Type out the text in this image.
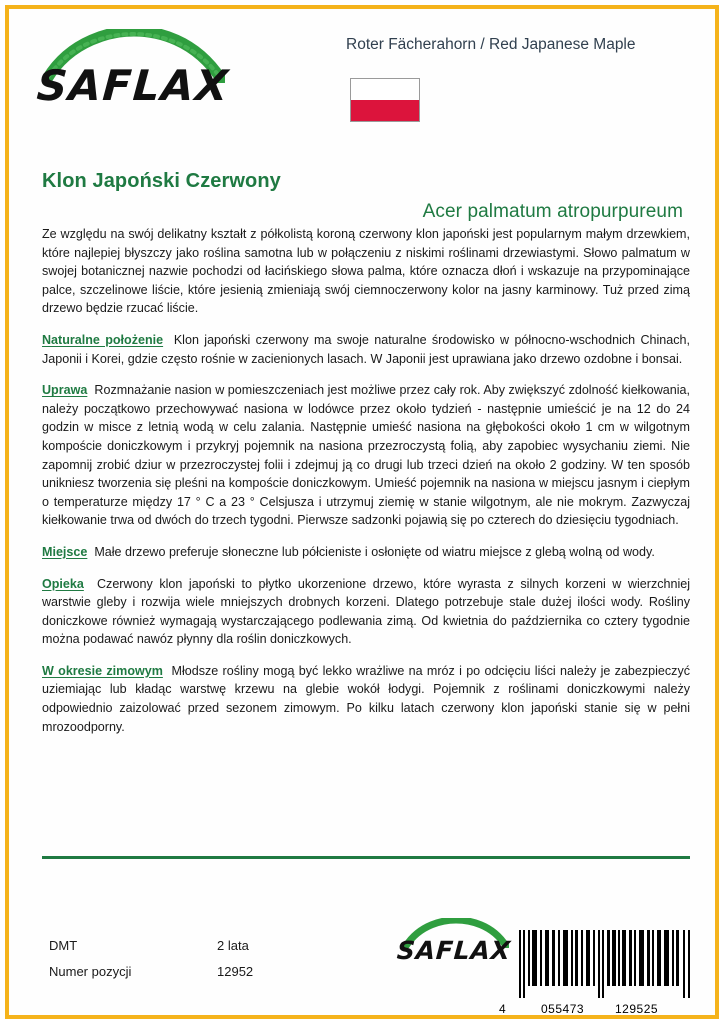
SAFLAX
Roter Fächerahorn / Red Japanese Maple
Klon Japoński Czerwony
Acer palmatum atropurpureum

Ze względu na swój delikatny kształt z półkolistą koroną czerwony klon japoński jest popularnym małym drzewkiem, które najlepiej błyszczy jako roślina samotna lub w połączeniu z niskimi roślinami drzewiastymi. Słowo palmatum w swojej botanicznej nazwie pochodzi od łacińskiego słowa palma, które oznacza dłoń i wskazuje na przypominające palce, szczelinowe liście, które jesienią zmieniają swój ciemnoczerwony kolor na jasny karminowy. Tuż przed zimą drzewo będzie rzucać liście.

Naturalne położenie Klon japoński czerwony ma swoje naturalne środowisko w północno-wschodnich Chinach, Japonii i Korei, gdzie często rośnie w zacienionych lasach. W Japonii jest uprawiana jako drzewo ozdobne i bonsai.

Uprawa Rozmnażanie nasion w pomieszczeniach jest możliwe przez cały rok. Aby zwiększyć zdolność kiełkowania, należy początkowo przechowywać nasiona w lodówce przez około tydzień - następnie umieścić je na 12 do 24 godzin w misce z letnią wodą w celu zalania. Następnie umieść nasiona na głębokości około 1 cm w wilgotnym kompoście doniczkowym i przykryj pojemnik na nasiona przezroczystą folią, aby zapobiec wysychaniu ziemi. Nie zapomnij zrobić dziur w przezroczystej folii i zdejmuj ją co drugi lub trzeci dzień na około 2 godziny. W ten sposób unikniesz tworzenia się pleśni na kompoście doniczkowym. Umieść pojemnik na nasiona w miejscu jasnym i ciepłym o temperaturze między 17 ° C a 23 ° Celsjusza i utrzymuj ziemię w stanie wilgotnym, ale nie mokrym. Zazwyczaj kiełkowanie trwa od dwóch do trzech tygodni. Pierwsze sadzonki pojawią się po czterech do dziesięciu tygodniach.

Miejsce Małe drzewo preferuje słoneczne lub półcieniste i osłonięte od wiatru miejsce z glebą wolną od wody.

Opieka Czerwony klon japoński to płytko ukorzenione drzewo, które wyrasta z silnych korzeni w wierzchniej warstwie gleby i rozwija wiele mniejszych drobnych korzeni. Dlatego potrzebuje stale dużej ilości wody. Rośliny doniczkowe również wymagają wystarczającego podlewania zimą. Od kwietnia do października co cztery tygodnie można podawać nawóz płynny dla roślin doniczkowych.

W okresie zimowym Młodsze rośliny mogą być lekko wrażliwe na mróz i po odcięciu liści należy je zabezpieczyć uziemiając lub kładąc warstwę krzewu na glebie wokół łodygi. Pojemnik z roślinami doniczkowymi należy odpowiednio zaizolować przed sezonem zimowym. Po kilku latach czerwony klon japoński stanie się w pełni mrozoodporny.

DMT	2 lata
Numer pozycji	12952
SAFLAX
4	055473	129525
